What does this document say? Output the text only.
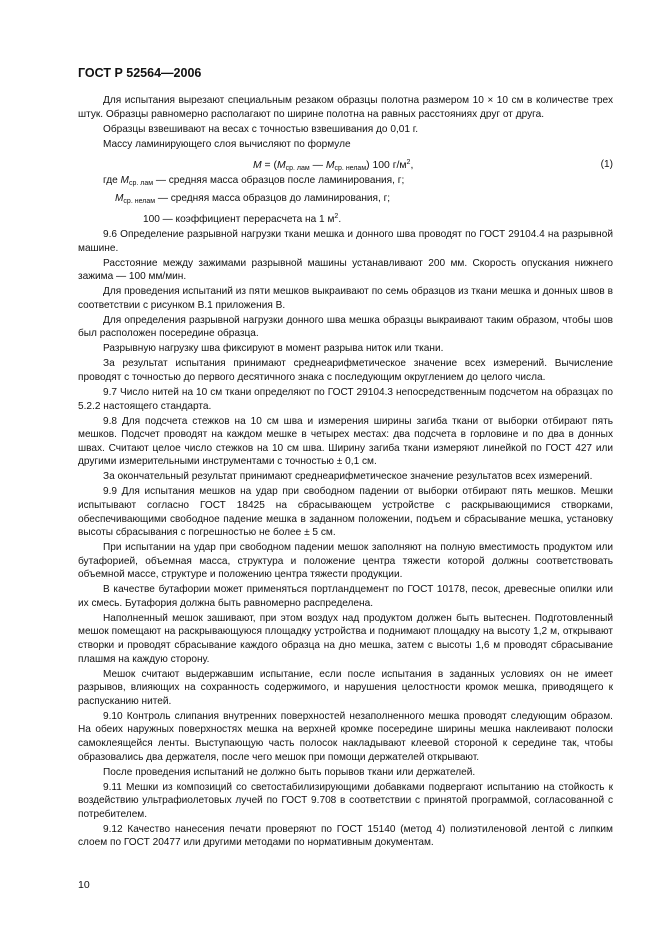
ГОСТ Р 52564—2006

Для испытания вырезают специальным резаком образцы полотна размером 10 × 10 см в количестве трех штук. Образцы равномерно располагают по ширине полотна на равных расстояниях друг от друга.

Образцы взвешивают на весах с точностью взвешивания до 0,01 г.

Массу ламинирующего слоя вычисляют по формуле

$M = (M_{ср. лам}$ — $M_{ср. нелам}$) 100 $г/м^2$,	(1)

где $M_{ср. лам}$ — средняя масса образцов после ламинирования, г;

$M_{ср. нелам}$ — средняя масса образцов до ламинирования, г;

100 — коэффициент перерасчета на 1 $м^2$.

9.6 Определение разрывной нагрузки ткани мешка и донного шва проводят по ГОСТ 29104.4 на разрывной машине.

Расстояние между зажимами разрывной машины устанавливают 200 мм. Скорость опускания нижнего зажима — 100 мм/мин.

Для проведения испытаний из пяти мешков выкраивают по семь образцов из ткани мешка и донных швов в соответствии с рисунком В.1 приложения В.

Для определения разрывной нагрузки донного шва мешка образцы выкраивают таким образом, чтобы шов был расположен посередине образца.

Разрывную нагрузку шва фиксируют в момент разрыва ниток или ткани.

За результат испытания принимают среднеарифметическое значение всех измерений. Вычисление проводят с точностью до первого десятичного знака с последующим округлением до целого числа.

9.7 Число нитей на 10 см ткани определяют по ГОСТ 29104.3 непосредственным подсчетом на образцах по 5.2.2 настоящего стандарта.

9.8 Для подсчета стежков на 10 см шва и измерения ширины загиба ткани от выборки отбирают пять мешков. Подсчет проводят на каждом мешке в четырех местах: два подсчета в горловине и по два в донных швах. Считают целое число стежков на 10 см шва. Ширину загиба ткани измеряют линейкой по ГОСТ 427 или другими измерительными инструментами с точностью ± 0,1 см.

За окончательный результат принимают среднеарифметическое значение результатов всех измерений.

9.9 Для испытания мешков на удар при свободном падении от выборки отбирают пять мешков. Мешки испытывают согласно ГОСТ 18425 на сбрасывающем устройстве с раскрывающимися створками, обеспечивающими свободное падение мешка в заданном положении, подъем и сбрасывание мешка, установку высоты сбрасывания с погрешностью не более ± 5 см.

При испытании на удар при свободном падении мешок заполняют на полную вместимость продуктом или бутафорией, объемная масса, структура и положение центра тяжести которой должны соответствовать объемной массе, структуре и положению центра тяжести продукции.

В качестве бутафории может применяться портландцемент по ГОСТ 10178, песок, древесные опилки или их смесь. Бутафория должна быть равномерно распределена.

Наполненный мешок зашивают, при этом воздух над продуктом должен быть вытеснен. Подготовленный мешок помещают на раскрывающуюся площадку устройства и поднимают площадку на высоту 1,2 м, открывают створки и проводят сбрасывание каждого образца на дно мешка, затем с высоты 1,6 м проводят сбрасывание плашмя на каждую сторону.

Мешок считают выдержавшим испытание, если после испытания в заданных условиях он не имеет разрывов, влияющих на сохранность содержимого, и нарушения целостности кромок мешка, приводящего к распусканию нитей.

9.10 Контроль слипания внутренних поверхностей незаполненного мешка проводят следующим образом. На обеих наружных поверхностях мешка на верхней кромке посередине ширины мешка наклеивают полоски самоклеящейся ленты. Выступающую часть полосок накладывают клеевой стороной к середине так, чтобы образовались два держателя, после чего мешок при помощи держателей открывают.

После проведения испытаний не должно быть порывов ткани или держателей.

9.11 Мешки из композиций со светостабилизирующими добавками подвергают испытанию на стойкость к воздействию ультрафиолетовых лучей по ГОСТ 9.708 в соответствии с принятой программой, согласованной с потребителем.

9.12 Качество нанесения печати проверяют по ГОСТ 15140 (метод 4) полиэтиленовой лентой с липким слоем по ГОСТ 20477 или другими методами по нормативным документам.

10
